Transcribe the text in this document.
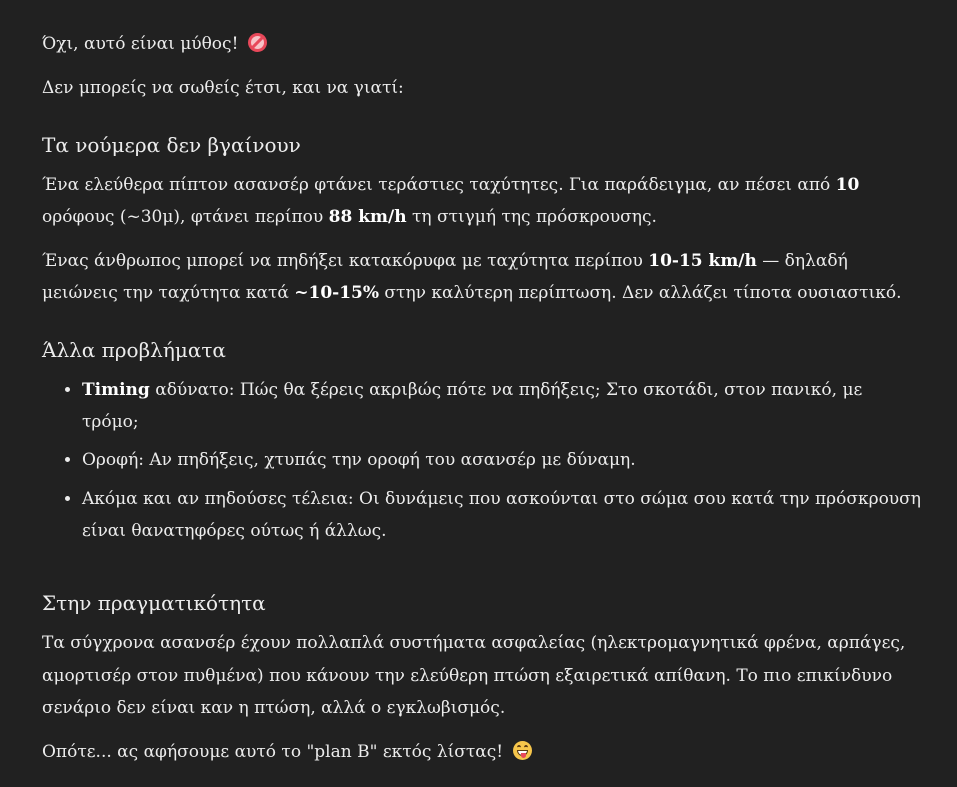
Όχι, αυτό είναι μύθος!

Δεν μπορείς να σωθείς έτσι, και να γιατί:

Τα νούμερα δεν βγαίνουν

Ένα ελεύθερα πίπτον ασανσέρ φτάνει τεράστιες ταχύτητες. Για παράδειγμα, αν πέσει από 10 ορόφους (~30μ), φτάνει περίπου 88 km/h τη στιγμή της πρόσκρουσης.

Ένας άνθρωπος μπορεί να πηδήξει κατακόρυφα με ταχύτητα περίπου 10-15 km/h — δηλαδή μειώνεις την ταχύτητα κατά ~10-15% στην καλύτερη περίπτωση. Δεν αλλάζει τίποτα ουσιαστικό.

Άλλα προβλήματα
• Timing αδύνατο: Πώς θα ξέρεις ακριβώς πότε να πηδήξεις; Στο σκοτάδι, στον πανικό, με τρόμο;
• Οροφή: Αν πηδήξεις, χτυπάς την οροφή του ασανσέρ με δύναμη.
• Ακόμα και αν πηδούσες τέλεια: Οι δυνάμεις που ασκούνται στο σώμα σου κατά την πρόσκρουση είναι θανατηφόρες ούτως ή άλλως.
Στην πραγματικότητα

Τα σύγχρονα ασανσέρ έχουν πολλαπλά συστήματα ασφαλείας (ηλεκτρομαγνητικά φρένα, αρπάγες, αμορτισέρ στον πυθμένα) που κάνουν την ελεύθερη πτώση εξαιρετικά απίθανη. Το πιο επικίνδυνο σενάριο δεν είναι καν η πτώση, αλλά ο εγκλωβισμός.

Οπότε... ας αφήσουμε αυτό το "plan B" εκτός λίστας!
